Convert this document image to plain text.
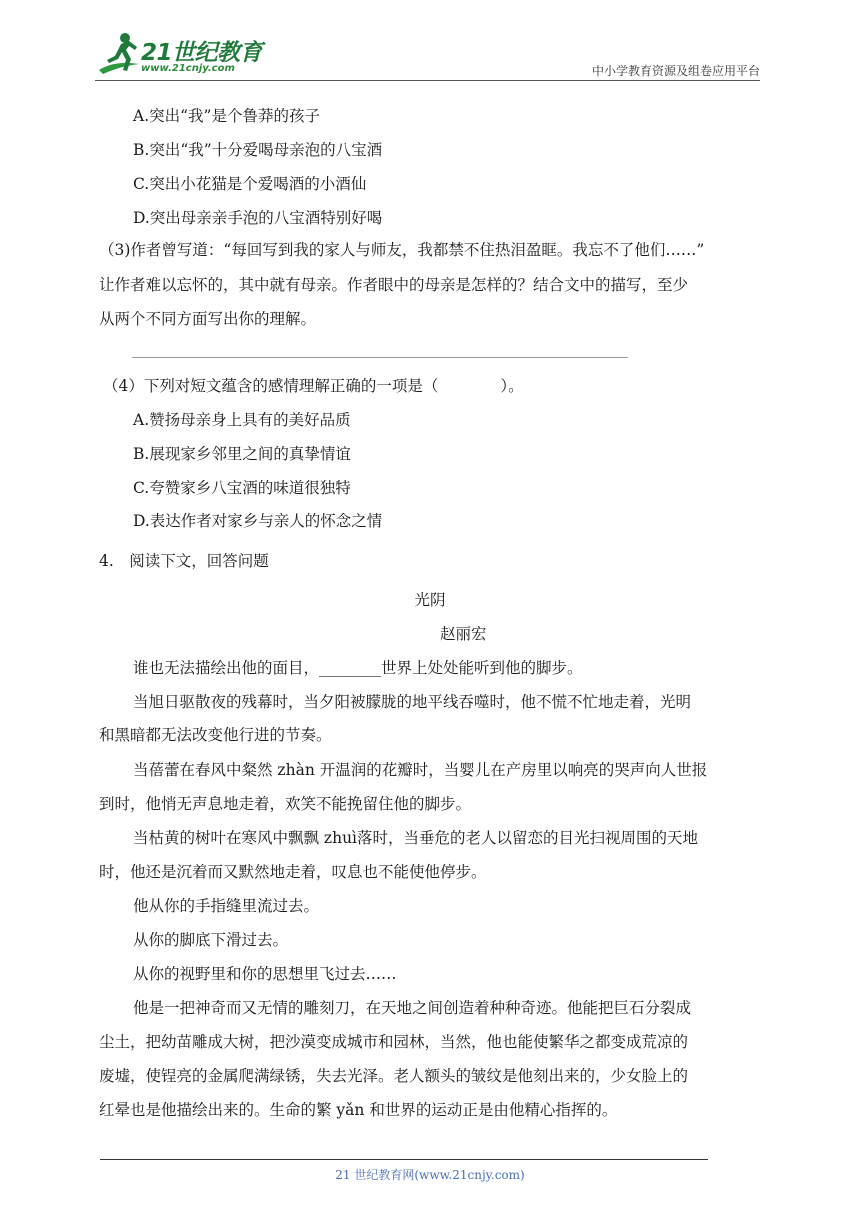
21世纪教育
www.21cnjy.com	中小学教育资源及组卷应用平台
A.突出“我”是个鲁莽的孩子
B.突出“我”十分爱喝母亲泡的八宝酒
C.突出小花猫是个爱喝酒的小酒仙
D.突出母亲亲手泡的八宝酒特别好喝
（3)作者曾写道：“每回写到我的家人与师友，我都禁不住热泪盈眶。我忘不了他们……”
让作者难以忘怀的，其中就有母亲。作者眼中的母亲是怎样的？结合文中的描写，至少
从两个不同方面写出你的理解。
（4）下列对短文蕴含的感情理解正确的一项是（　　　　）。
A.赞扬母亲身上具有的美好品质
B.展现家乡邻里之间的真挚情谊
C.夸赞家乡八宝酒的味道很独特
D.表达作者对家乡与亲人的怀念之情
4.　阅读下文，回答问题
光阴
赵丽宏
谁也无法描绘出他的面目，________世界上处处能听到他的脚步。
当旭日驱散夜的残幕时，当夕阳被朦胧的地平线吞噬时，他不慌不忙地走着，光明
和黑暗都无法改变他行进的节奏。
当蓓蕾在春风中粲然 zhàn 开温润的花瓣时，当婴儿在产房里以响亮的哭声向人世报
到时，他悄无声息地走着，欢笑不能挽留住他的脚步。
当枯黄的树叶在寒风中飘飘 zhuì落时，当垂危的老人以留恋的目光扫视周围的天地
时，他还是沉着而又默然地走着，叹息也不能使他停步。
他从你的手指缝里流过去。
从你的脚底下滑过去。
从你的视野里和你的思想里飞过去……
他是一把神奇而又无情的雕刻刀，在天地之间创造着种种奇迹。他能把巨石分裂成
尘土，把幼苗雕成大树，把沙漠变成城市和园林，当然，他也能使繁华之都变成荒凉的
废墟，使锃亮的金属爬满绿锈，失去光泽。老人额头的皱纹是他刻出来的，少女脸上的
红晕也是他描绘出来的。生命的繁 yǎn 和世界的运动正是由他精心指挥的。
21 世纪教育网(www.21cnjy.com)
